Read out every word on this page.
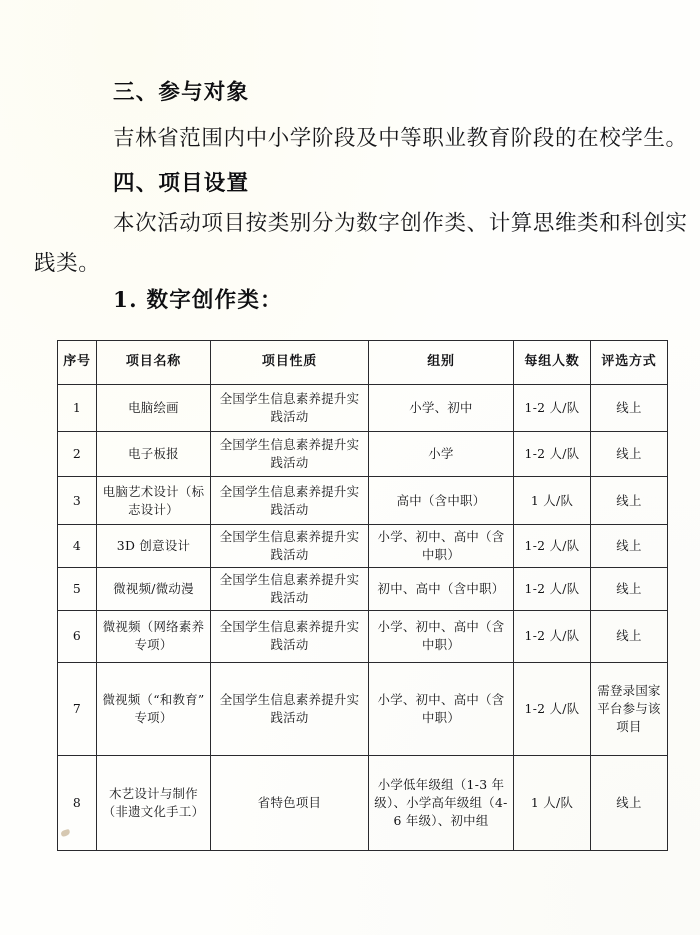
三、参与对象
吉林省范围内中小学阶段及中等职业教育阶段的在校学生。
四、项目设置
本次活动项目按类别分为数字创作类、计算思维类和科创实
践类。
1. 数字创作类：
序号	项目名称	项目性质	组别	每组人数	评选方式
1	电脑绘画	全国学生信息素养提升实践活动	小学、初中	1-2 人/队	线上
2	电子板报	全国学生信息素养提升实践活动	小学	1-2 人/队	线上
3	电脑艺术设计（标志设计）	全国学生信息素养提升实践活动	高中（含中职）	1 人/队	线上
4	3D 创意设计	全国学生信息素养提升实践活动	小学、初中、高中（含中职）	1-2 人/队	线上
5	微视频/微动漫	全国学生信息素养提升实践活动	初中、高中（含中职）	1-2 人/队	线上
6	微视频（网络素养专项）	全国学生信息素养提升实践活动	小学、初中、高中（含中职）	1-2 人/队	线上
7	微视频（“和教育”专项）	全国学生信息素养提升实践活动	小学、初中、高中（含中职）	1-2 人/队	需登录国家平台参与该项目
8	木艺设计与制作（非遗文化手工）	省特色项目	小学低年级组（1-3 年级）、小学高年级组（4-6 年级）、初中组	1 人/队	线上
